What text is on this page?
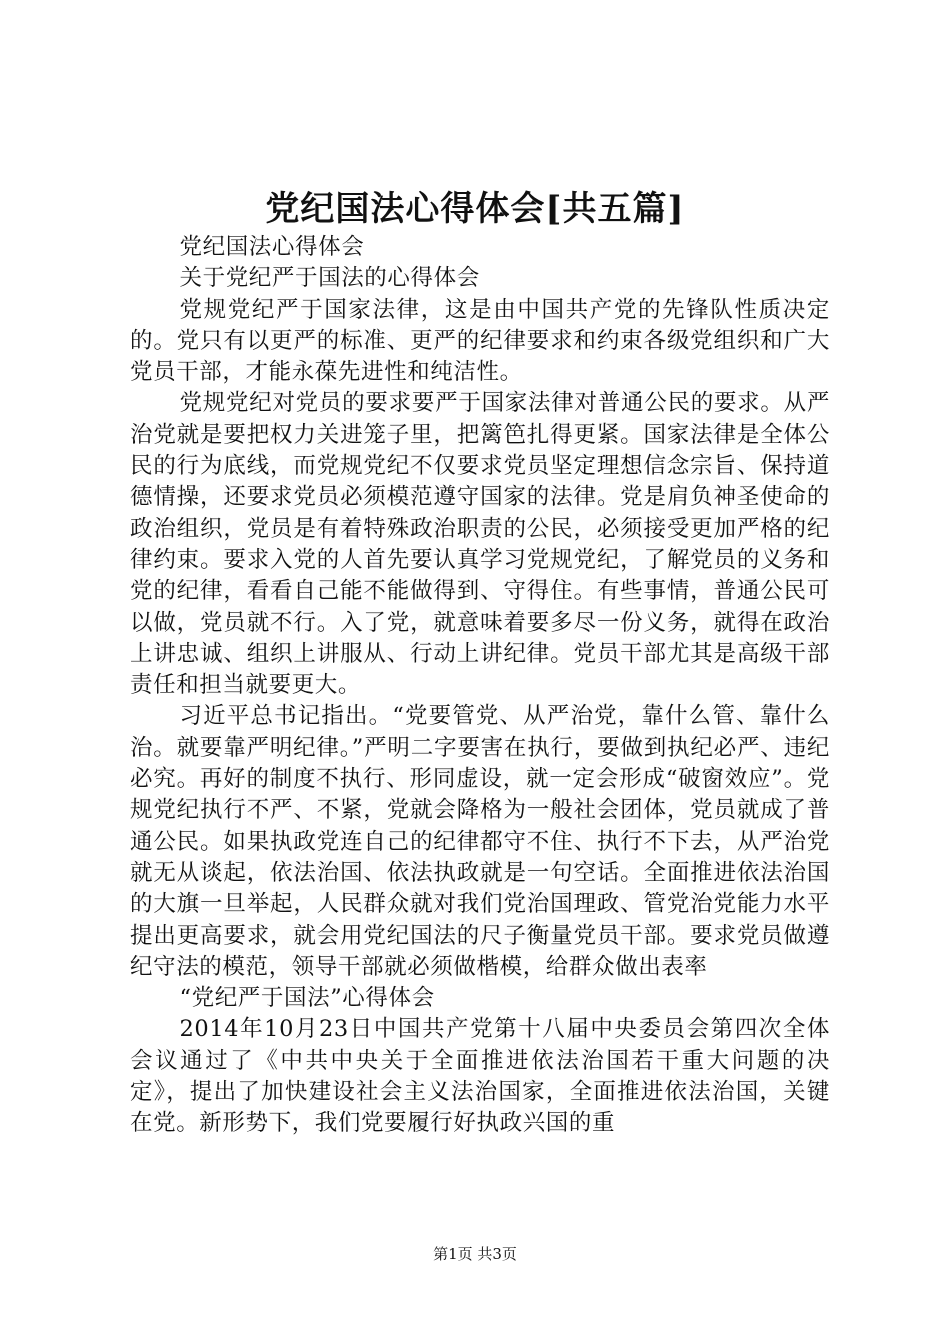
党纪国法心得体会[共五篇]

党纪国法心得体会

关于党纪严于国法的心得体会

党规党纪严于国家法律，这是由中国共产党的先锋队性质决定的。党只有以更严的标准、更严的纪律要求和约束各级党组织和广大党员干部，才能永葆先进性和纯洁性。

党规党纪对党员的要求要严于国家法律对普通公民的要求。从严治党就是要把权力关进笼子里，把篱笆扎得更紧。国家法律是全体公民的行为底线，而党规党纪不仅要求党员坚定理想信念宗旨、保持道德情操，还要求党员必须模范遵守国家的法律。党是肩负神圣使命的政治组织，党员是有着特殊政治职责的公民，必须接受更加严格的纪律约束。要求入党的人首先要认真学习党规党纪，了解党员的义务和党的纪律，看看自己能不能做得到、守得住。有些事情，普通公民可以做，党员就不行。入了党，就意味着要多尽一份义务，就得在政治上讲忠诚、组织上讲服从、行动上讲纪律。党员干部尤其是高级干部责任和担当就要更大。

习近平总书记指出。“党要管党、从严治党，靠什么管、靠什么治。就要靠严明纪律。”严明二字要害在执行，要做到执纪必严、违纪必究。再好的制度不执行、形同虚设，就一定会形成“破窗效应”。党规党纪执行不严、不紧，党就会降格为一般社会团体，党员就成了普通公民。如果执政党连自己的纪律都守不住、执行不下去，从严治党就无从谈起，依法治国、依法执政就是一句空话。全面推进依法治国的大旗一旦举起，人民群众就对我们党治国理政、管党治党能力水平提出更高要求，就会用党纪国法的尺子衡量党员干部。要求党员做遵纪守法的模范，领导干部就必须做楷模，给群众做出表率

“党纪严于国法”心得体会

2014年10月23日中国共产党第十八届中央委员会第四次全体会议通过了《中共中央关于全面推进依法治国若干重大问题的决定》，提出了加快建设社会主义法治国家，全面推进依法治国，关键在党。新形势下，我们党要履行好执政兴国的重

第1页 共3页
